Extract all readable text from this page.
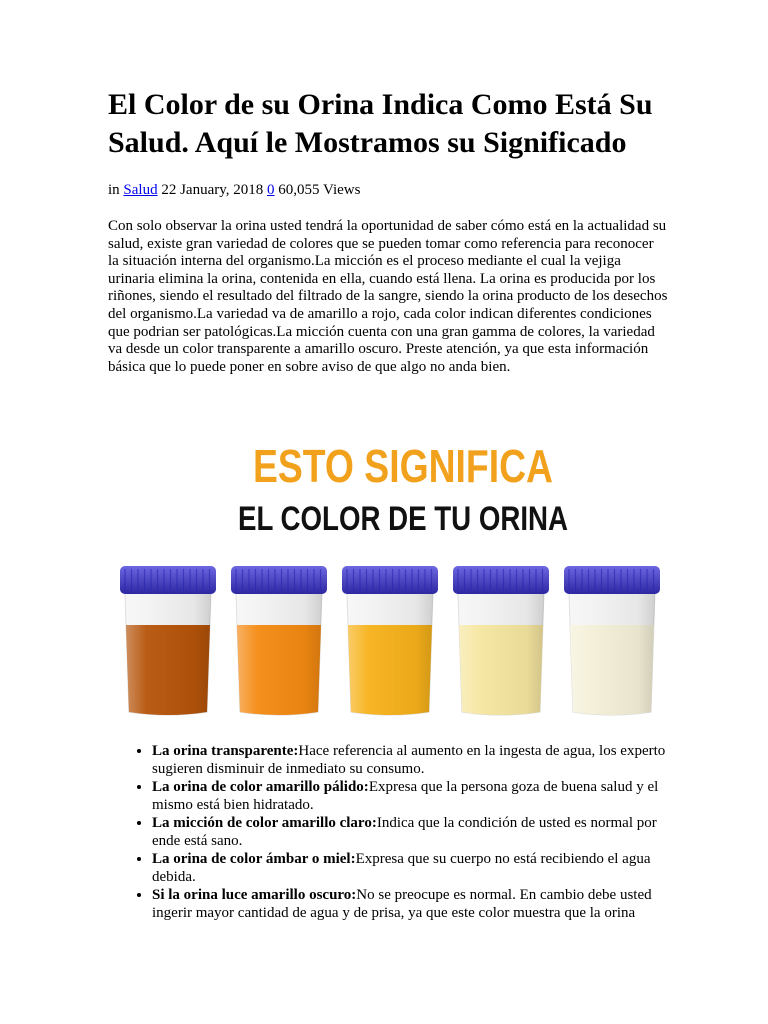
El Color de su Orina Indica Como Está Su Salud. Aquí le Mostramos su Significado
in Salud 22 January, 2018 0 60,055 Views

Con solo observar la orina usted tendrá la oportunidad de saber cómo está en la actualidad su salud, existe gran variedad de colores que se pueden tomar como referencia para reconocer la situación interna del organismo.La micción es el proceso mediante el cual la vejiga urinaria elimina la orina, contenida en ella, cuando está llena. La orina es producida por los riñones, siendo el resultado del filtrado de la sangre, siendo la orina producto de los desechos del organismo.La variedad va de amarillo a rojo, cada color indican diferentes condiciones que podrian ser patológicas.La micción cuenta con una gran gamma de colores, la variedad va desde un color transparente a amarillo oscuro. Preste atención, ya que esta información básica que lo puede poner en sobre aviso de que algo no anda bien.

ESTO SIGNIFICA
EL COLOR DE TU ORINA
• La orina transparente:Hace referencia al aumento en la ingesta de agua, los experto sugieren disminuir de inmediato su consumo.
• La orina de color amarillo pálido:Expresa que la persona goza de buena salud y el mismo está bien hidratado.
• La micción de color amarillo claro:Indica que la condición de usted es normal por ende está sano.
• La orina de color ámbar o miel:Expresa que su cuerpo no está recibiendo el agua debida.
• Si la orina luce amarillo oscuro:No se preocupe es normal. En cambio debe usted ingerir mayor cantidad de agua y de prisa, ya que este color muestra que la orina
